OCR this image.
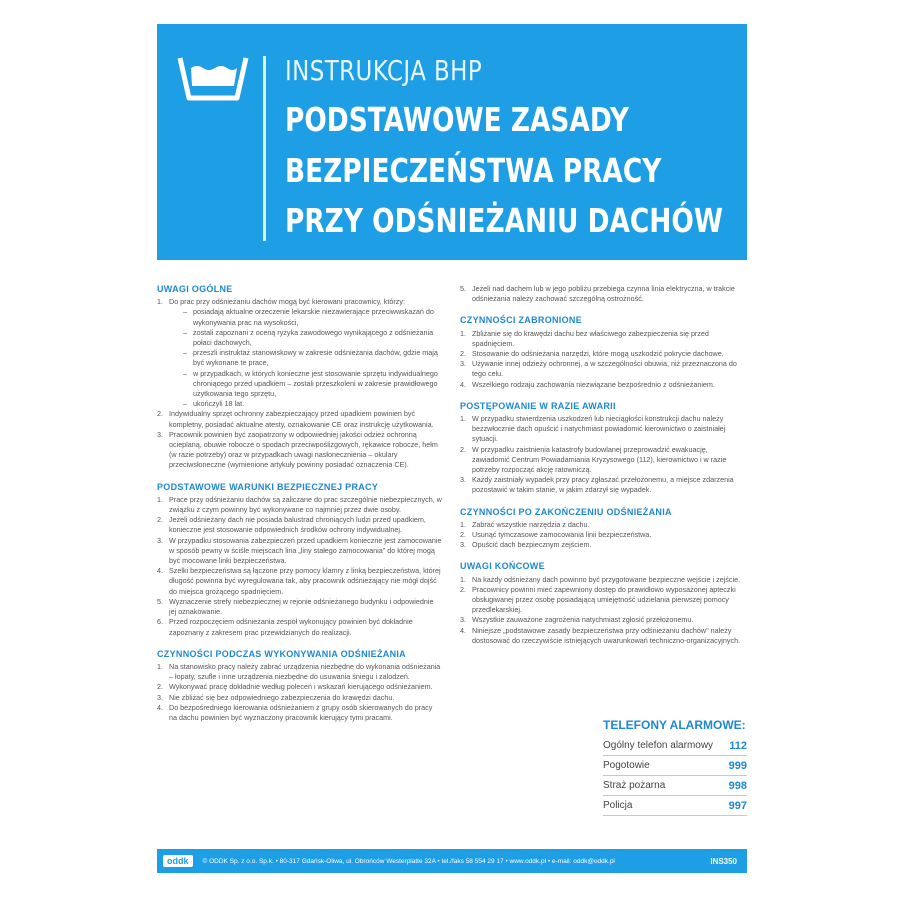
INSTRUKCJA BHP
PODSTAWOWE ZASADY
BEZPIECZEŃSTWA PRACY
PRZY ODŚNIEŻANIU DACHÓW
UWAGI OGÓLNE
1. Do prac przy odśnieżaniu dachów mogą być kierowani pracownicy, którzy:
– posiadają aktualne orzeczenie lekarskie niezawierające przeciwwskazań do wykonywania prac na wysokości,
– zostali zapoznani z oceną ryzyka zawodowego wynikającego z odśnieżania połaci dachowych,
– przeszli instruktaż stanowiskowy w zakresie odśnieżania dachów, gdzie mają być wykonane te prace,
– w przypadkach, w których konieczne jest stosowanie sprzętu indywidualnego chroniącego przed upadkiem – zostali przeszkoleni w zakresie prawidłowego użytkowania tego sprzętu,
– ukończyli 18 lat.
2. Indywidualny sprzęt ochronny zabezpieczający przed upadkiem powinien być kompletny, posiadać aktualne atesty, oznakowanie CE oraz instrukcję użytkowania.
3. Pracownik powinien być zaopatrzony w odpowiedniej jakości odzież ochronną ocieplaną, obuwie robocze o spodach przeciwpoślizgowych, rękawice robocze, hełm (w razie potrzeby) oraz w przypadkach uwagi nasłonecznienia – okulary przeciwsłoneczne (wymienione artykuły powinny posiadać oznaczenia CE).
PODSTAWOWE WARUNKI BEZPIECZNEJ PRACY
1. Prace przy odśnieżaniu dachów są zaliczane do prac szczególnie niebezpiecznych, w związku z czym powinny być wykonywane co najmniej przez dwie osoby.
2. Jeżeli odśnieżany dach nie posiada balustrad chroniących ludzi przed upadkiem, konieczne jest stosowanie odpowiednich środków ochrony indywidualnej.
3. W przypadku stosowania zabezpieczeń przed upadkiem konieczne jest zamocowanie w sposób pewny w ściśle miejscach lina „liny stałego zamocowania" do której mogą być mocowane linki bezpieczeństwa.
4. Szelki bezpieczeństwa są łączone przy pomocy klamry z linką bezpieczeństwa, której długość powinna być wyregulowana tak, aby pracownik odśnieżający nie mógł dojść do miejsca grożącego spadnięciem.
5. Wyznaczenie strefy niebezpiecznej w rejonie odśnieżanego budynku i odpowiednie jej oznakowanie.
6. Przed rozpoczęciem odśnieżania zespół wykonujący powinien być dokładnie zapoznany z zakresem prac przewidzianych do realizacji.
CZYNNOŚCI PODCZAS WYKONYWANIA ODŚNIEŻANIA
1. Na stanowisko pracy należy zabrać urządzenia niezbędne do wykonania odśnieżania – łopaty, szufle i inne urządzenia niezbędne do usuwania śniegu i zalodzeń.
2. Wykonywać pracę dokładnie według poleceń i wskazań kierującego odśnieżaniem.
3. Nie zbliżać się bez odpowiedniego zabezpieczenia do krawędzi dachu.
4. Do bezpośredniego kierowania odśnieżaniem z grupy osób skierowanych do pracy na dachu powinien być wyznaczony pracownik kierujący tymi pracami.
5. Jeżeli nad dachem lub w jego pobliżu przebiega czynna linia elektryczna, w trakcie odśnieżania należy zachować szczególną ostrożność.
CZYNNOŚCI ZABRONIONE
1. Zbliżanie się do krawędzi dachu bez właściwego zabezpieczenia się przed spadnięciem.
2. Stosowanie do odśnieżania narzędzi, które mogą uszkodzić pokrycie dachowe.
3. Używanie innej odzieży ochronnej, a w szczególności obuwia, niż przeznaczona do tego celu.
4. Wszelkiego rodzaju zachowania niezwiązane bezpośrednio z odśnieżaniem.
POSTĘPOWANIE W RAZIE AWARII
1. W przypadku stwierdzenia uszkodzeń lub nieciągłości konstrukcji dachu należy bezzwłocznie dach opuścić i natychmiast powiadomić kierownictwo o zaistniałej sytuacji.
2. W przypadku zaistnienia katastrofy budowlanej przeprowadzić ewakuację, zawiadomić Centrum Powiadamiania Kryzysowego (112), kierownictwo i w razie potrzeby rozpocząć akcję ratowniczą.
3. Każdy zaistniały wypadek przy pracy zgłaszać przełożonemu, a miejsce zdarzenia pozostawić w takim stanie, w jakim zdarzył się wypadek.
CZYNNOŚCI PO ZAKOŃCZENIU ODŚNIEŻANIA
1. Zabrać wszystkie narzędzia z dachu.
2. Usunąć tymczasowe zamocowania linii bezpieczeństwa.
3. Opuścić dach bezpiecznym zejściem.
UWAGI KOŃCOWE
1. Na każdy odśnieżany dach powinno być przygotowane bezpieczne wejście i zejście.
2. Pracownicy powinni mieć zapewniony dostęp do prawidłowo wyposażonej apteczki obsługiwanej przez osobę posiadającą umiejętność udzielania pierwszej pomocy przedlekarskiej.
3. Wszystkie zauważone zagrożenia natychmiast zgłosić przełożonemu.
4. Niniejsze „podstawowe zasady bezpieczeństwa przy odśnieżaniu dachów" należy dostosować do rzeczywiście istniejących uwarunkowań techniczno-organizacyjnych.
TELEFONY ALARMOWE:
Ogólny telefon alarmowy	112
Pogotowie	999
Straż pożarna	998
Policja	997
oddk	© ODDK Sp. z o.o. Sp.k. • 80-317 Gdańsk-Oliwa, ul. Obrońców Westerplatte 32A • tel./faks 58 554 29 17 • www.oddk.pl • e-mail: oddk@oddk.pl	INS350
